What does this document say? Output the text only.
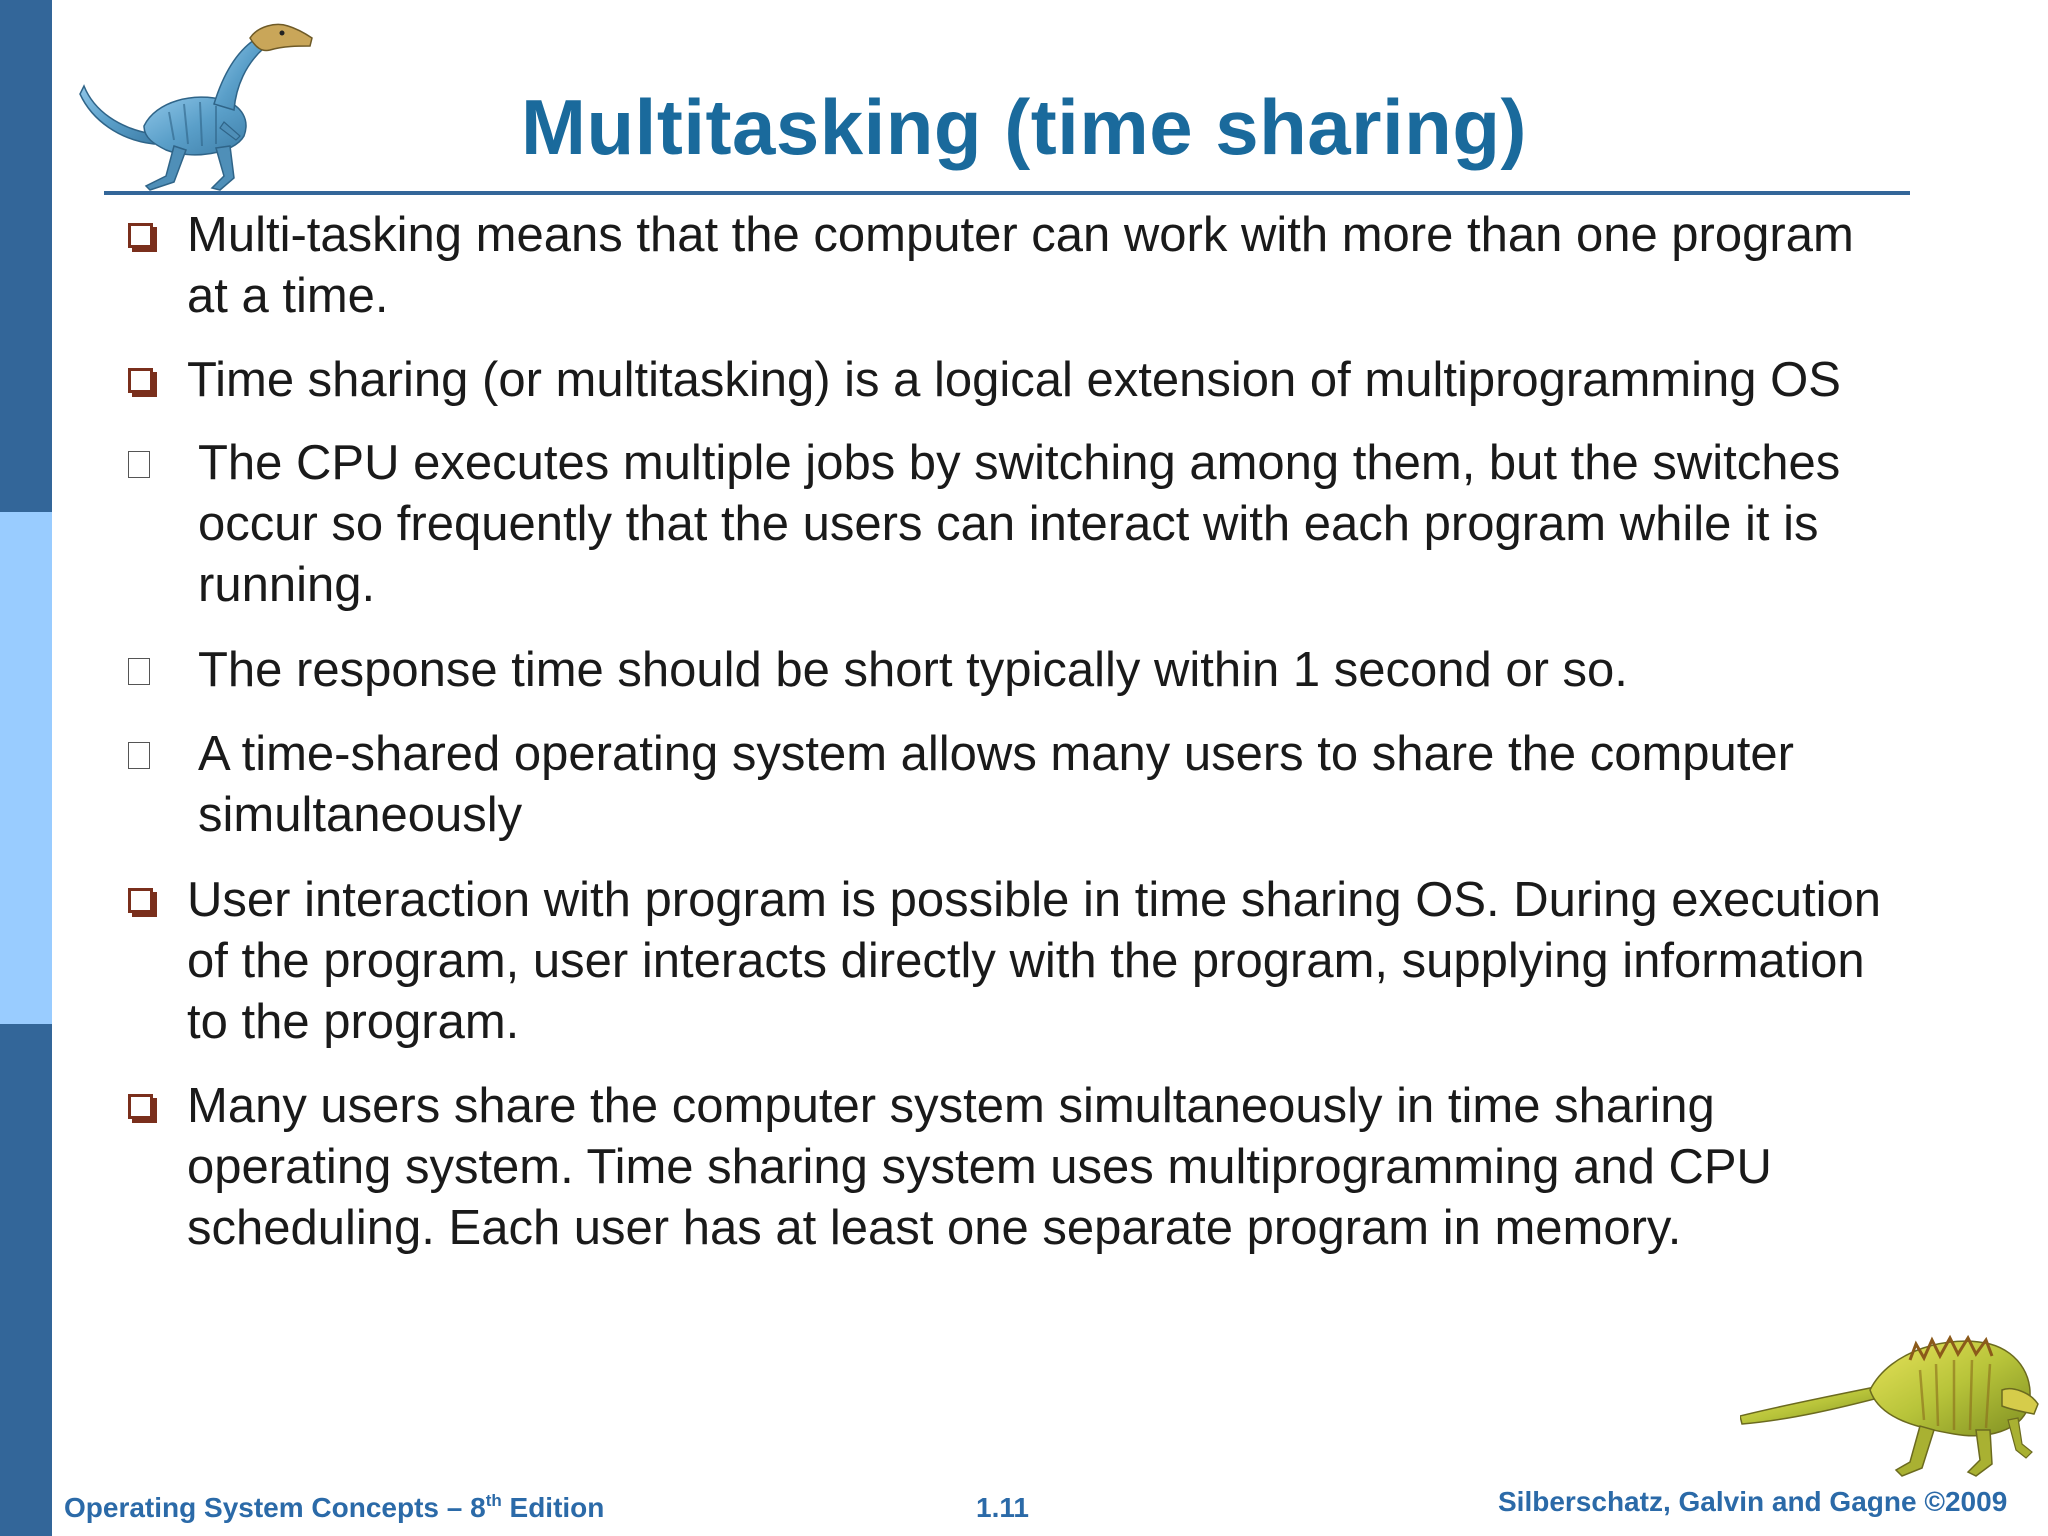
Multitasking (time sharing)
Multi-tasking means that the computer can work with more than one program
at a time.
Time sharing (or multitasking) is a logical extension of multiprogramming OS
The CPU executes multiple jobs by switching among them, but the switches
occur so frequently that the users can interact with each program while it is
running.
The response time should be short typically within 1 second or so.
A time-shared operating system allows many users to share the computer
simultaneously
User interaction with program is possible in time sharing OS. During execution
of the program, user interacts directly with the program, supplying information
to the program.
Many users share the computer system simultaneously in time sharing
operating system. Time sharing system uses multiprogramming and CPU
scheduling. Each user has at least one separate program in memory.
Operating System Concepts – 8th Edition	1.11	Silberschatz, Galvin and Gagne ©2009
